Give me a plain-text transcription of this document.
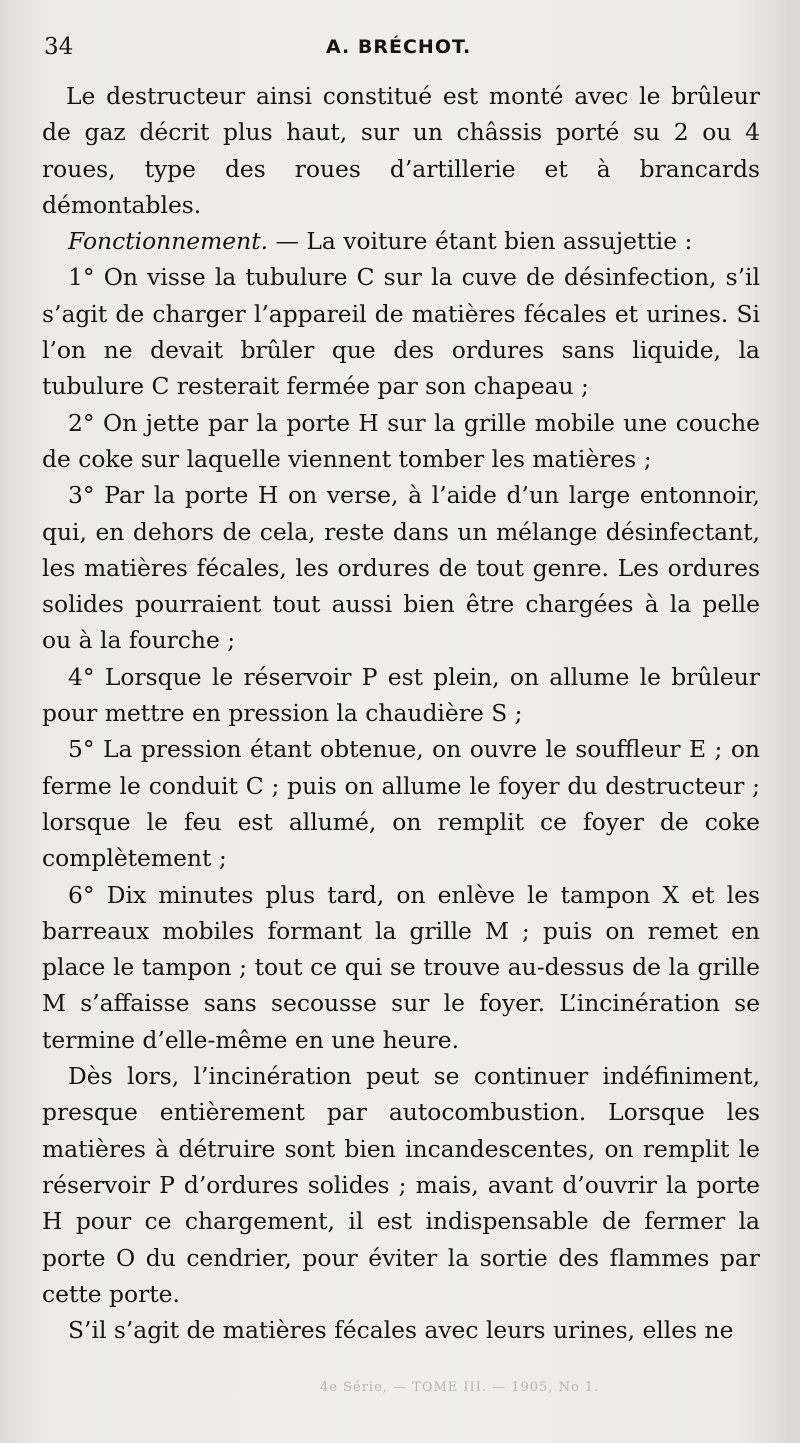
34	A. BRÉCHOT.

Le destructeur ainsi constitué est monté avec le brûleur de gaz décrit plus haut, sur un châssis porté su 2 ou 4 roues, type des roues d’artillerie et à brancards démontables.

Fonctionnement. — La voiture étant bien assujettie :

1° On visse la tubulure C sur la cuve de désinfection, s’il s’agit de charger l’appareil de matières fécales et urines. Si l’on ne devait brûler que des ordures sans liquide, la tubulure C resterait fermée par son chapeau ;

2° On jette par la porte H sur la grille mobile une couche de coke sur laquelle viennent tomber les matières ;

3° Par la porte H on verse, à l’aide d’un large entonnoir, qui, en dehors de cela, reste dans un mélange désinfectant, les matières fécales, les ordures de tout genre. Les ordures solides pourraient tout aussi bien être chargées à la pelle ou à la fourche ;

4° Lorsque le réservoir P est plein, on allume le brûleur pour mettre en pression la chaudière S ;

5° La pression étant obtenue, on ouvre le souffleur E ; on ferme le conduit C ; puis on allume le foyer du destructeur ; lorsque le feu est allumé, on remplit ce foyer de coke complètement ;

6° Dix minutes plus tard, on enlève le tampon X et les barreaux mobiles formant la grille M ; puis on remet en place le tampon ; tout ce qui se trouve au-dessus de la grille M s’affaisse sans secousse sur le foyer. L’incinération se termine d’elle-même en une heure.

Dès lors, l’incinération peut se continuer indéfiniment, presque entièrement par autocombustion. Lorsque les matières à détruire sont bien incandescentes, on remplit le réservoir P d’ordures solides ; mais, avant d’ouvrir la porte H pour ce chargement, il est indispensable de fermer la porte O du cendrier, pour éviter la sortie des flammes par cette porte.

S’il s’agit de matières fécales avec leurs urines, elles ne

4e Série, — TOME III. — 1905, No 1.
